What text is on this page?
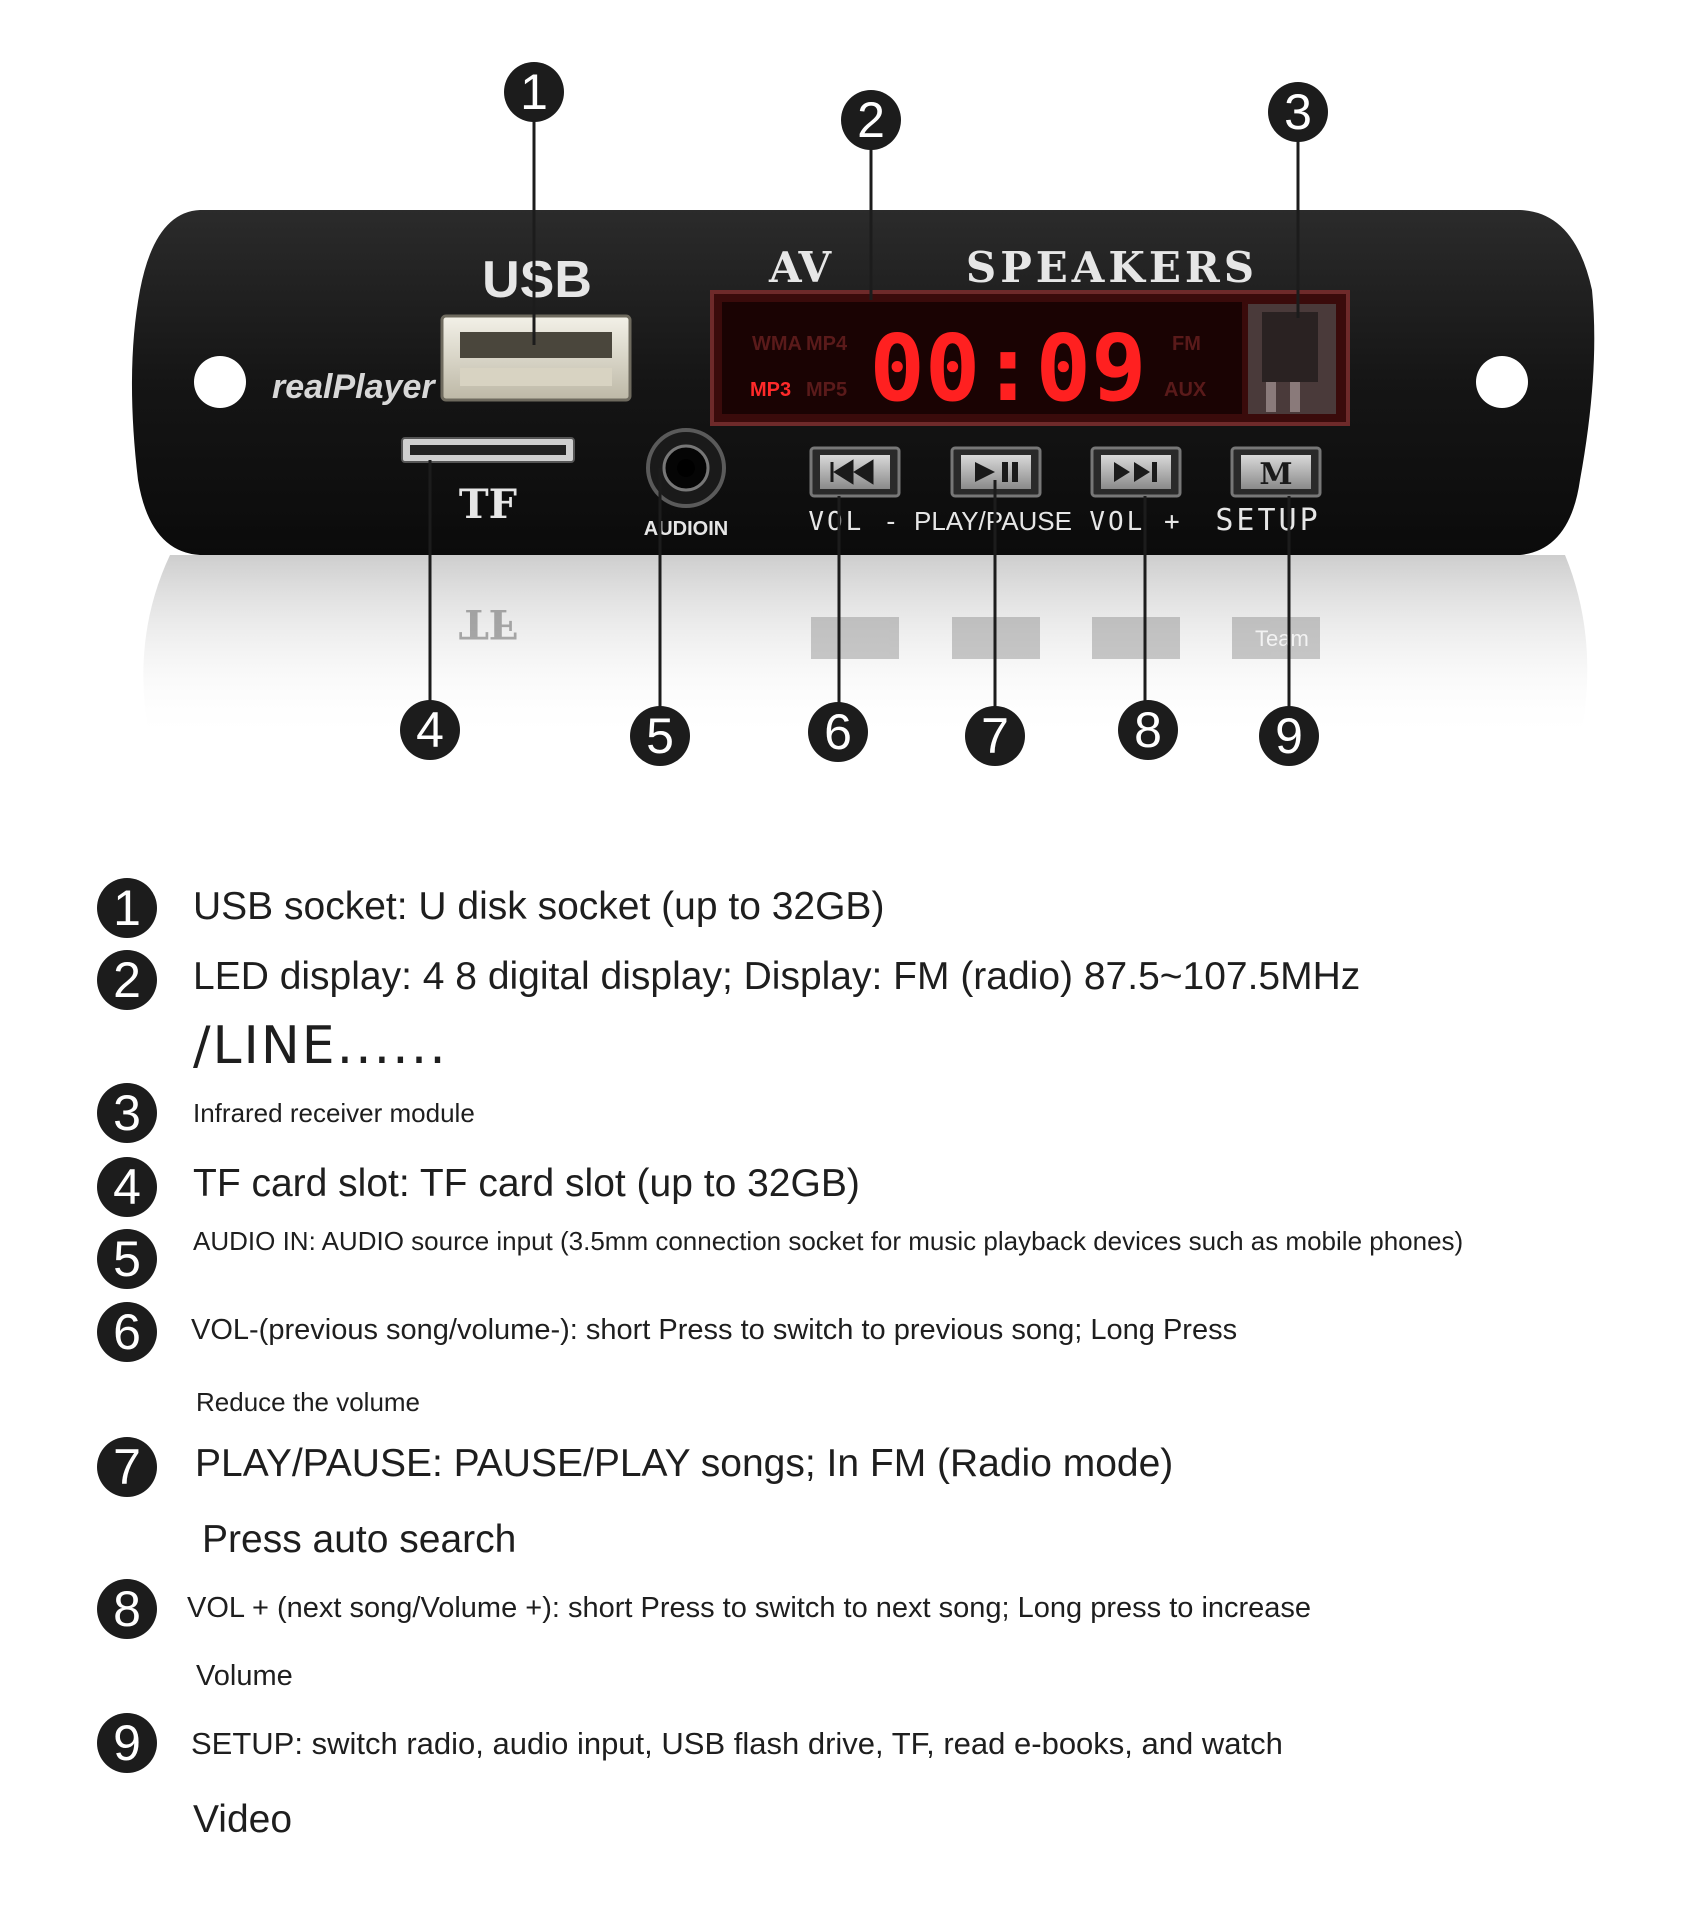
TF	Team
realPlayer
USB
TF
AV	SPEAKERS
AUDIOIN
WMA MP4
MP3 MP5 00:09 FM
AUX
M
VOL - PLAY/PAUSE VOL + SETUP
1	2	3
4	5	6	7	8	9
1	USB socket: U disk socket (up to 32GB)
2	LED display: 4 8 digital display; Display: FM (radio) 87.5~107.5MHz
/LINE......
3	Infrared receiver module
4	TF card slot: TF card slot (up to 32GB)
5	AUDIO IN: AUDIO source input (3.5mm connection socket for music playback devices such as mobile phones)
6	VOL-(previous song/volume-): short Press to switch to previous song; Long Press
Reduce the volume
7	PLAY/PAUSE: PAUSE/PLAY songs; In FM (Radio mode)
Press auto search
8	VOL + (next song/Volume +): short Press to switch to next song; Long press to increase
Volume
9	SETUP: switch radio, audio input, USB flash drive, TF, read e-books, and watch
Video
